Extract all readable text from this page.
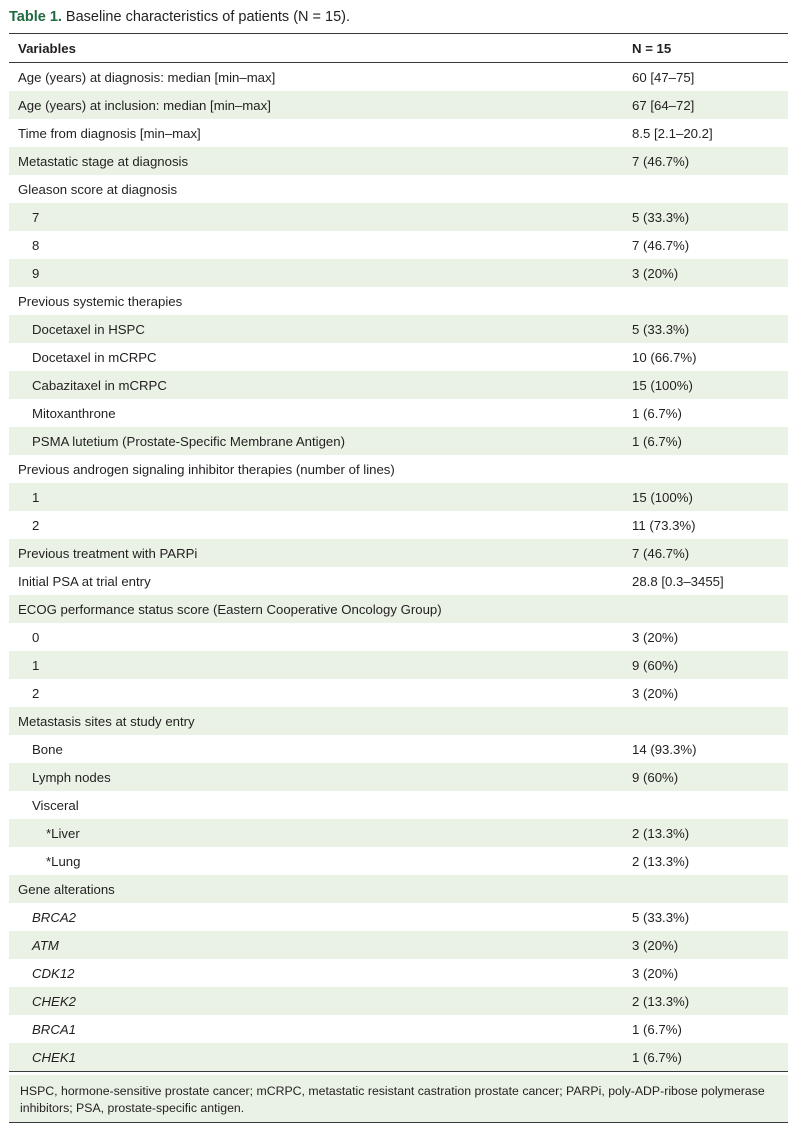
Table 1. Baseline characteristics of patients (N = 15).
Variables	N = 15
Age (years) at diagnosis: median [min–max]	60 [47–75]
Age (years) at inclusion: median [min–max]	67 [64–72]
Time from diagnosis [min–max]	8.5 [2.1–20.2]
Metastatic stage at diagnosis	7 (46.7%)
Gleason score at diagnosis	
7	5 (33.3%)
8	7 (46.7%)
9	3 (20%)
Previous systemic therapies	
Docetaxel in HSPC	5 (33.3%)
Docetaxel in mCRPC	10 (66.7%)
Cabazitaxel in mCRPC	15 (100%)
Mitoxanthrone	1 (6.7%)
PSMA lutetium (Prostate-Specific Membrane Antigen)	1 (6.7%)
Previous androgen signaling inhibitor therapies (number of lines)	
1	15 (100%)
2	11 (73.3%)
Previous treatment with PARPi	7 (46.7%)
Initial PSA at trial entry	28.8 [0.3–3455]
ECOG performance status score (Eastern Cooperative Oncology Group)	
0	3 (20%)
1	9 (60%)
2	3 (20%)
Metastasis sites at study entry	
Bone	14 (93.3%)
Lymph nodes	9 (60%)
Visceral	
*Liver	2 (13.3%)
*Lung	2 (13.3%)
Gene alterations	
BRCA2	5 (33.3%)
ATM	3 (20%)
CDK12	3 (20%)
CHEK2	2 (13.3%)
BRCA1	1 (6.7%)
CHEK1	1 (6.7%)
HSPC, hormone-sensitive prostate cancer; mCRPC, metastatic resistant castration prostate cancer; PARPi, poly-ADP-ribose polymerase inhibitors; PSA, prostate-specific antigen.
